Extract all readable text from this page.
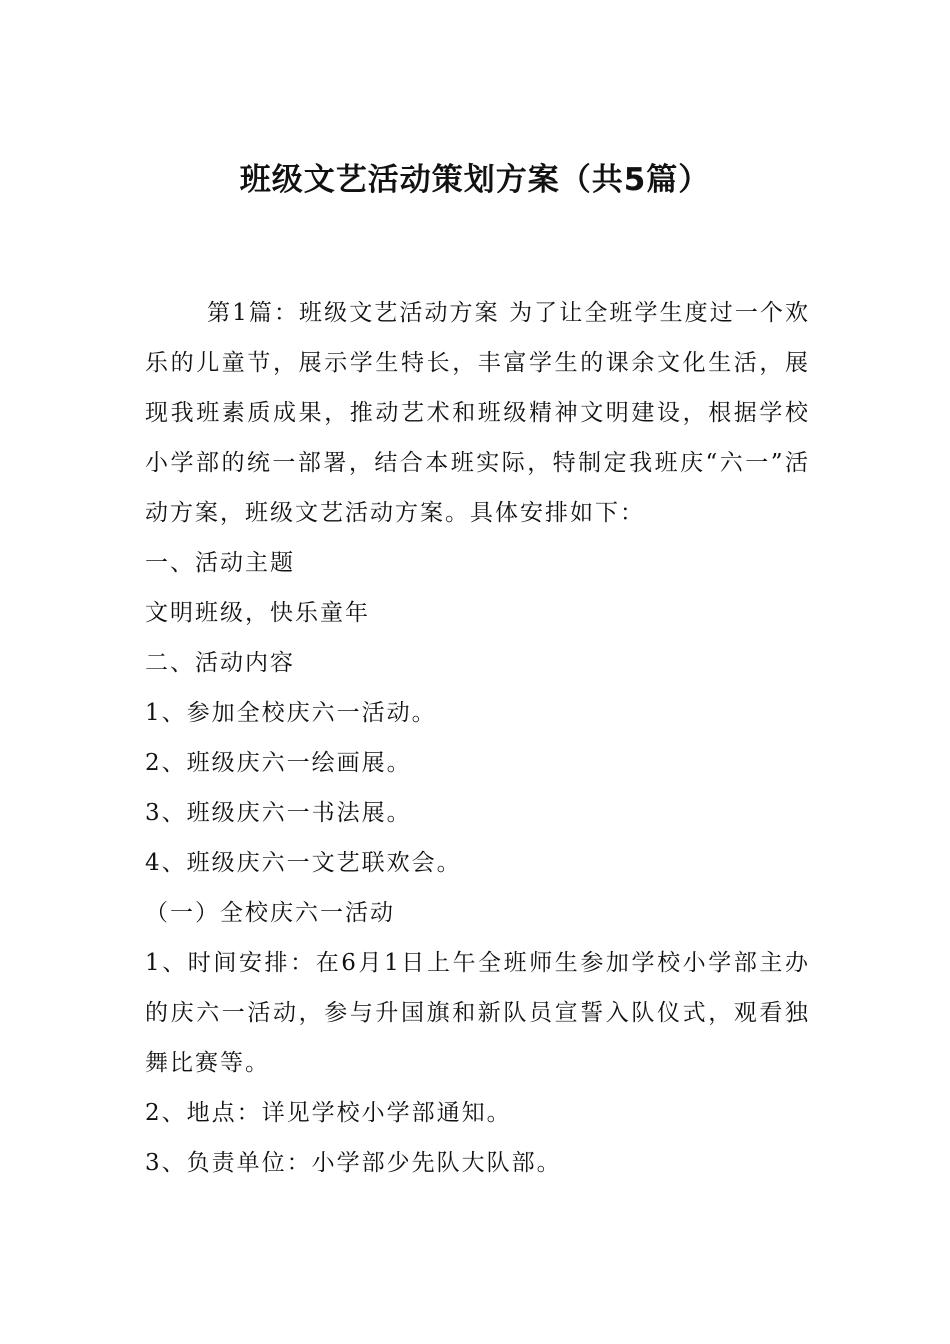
班级文艺活动策划方案（共5篇）

第1篇：班级文艺活动方案 为了让全班学生度过一个欢乐的儿童节，展示学生特长，丰富学生的课余文化生活，展现我班素质成果，推动艺术和班级精神文明建设，根据学校小学部的统一部署，结合本班实际，特制定我班庆“六一”活动方案，班级文艺活动方案。具体安排如下：

一、活动主题

文明班级，快乐童年

二、活动内容

1、参加全校庆六一活动。

2、班级庆六一绘画展。

3、班级庆六一书法展。

4、班级庆六一文艺联欢会。

（一）全校庆六一活动

1、时间安排：在6月1日上午全班师生参加学校小学部主办的庆六一活动，参与升国旗和新队员宣誓入队仪式，观看独舞比赛等。

2、地点：详见学校小学部通知。

3、负责单位：小学部少先队大队部。
